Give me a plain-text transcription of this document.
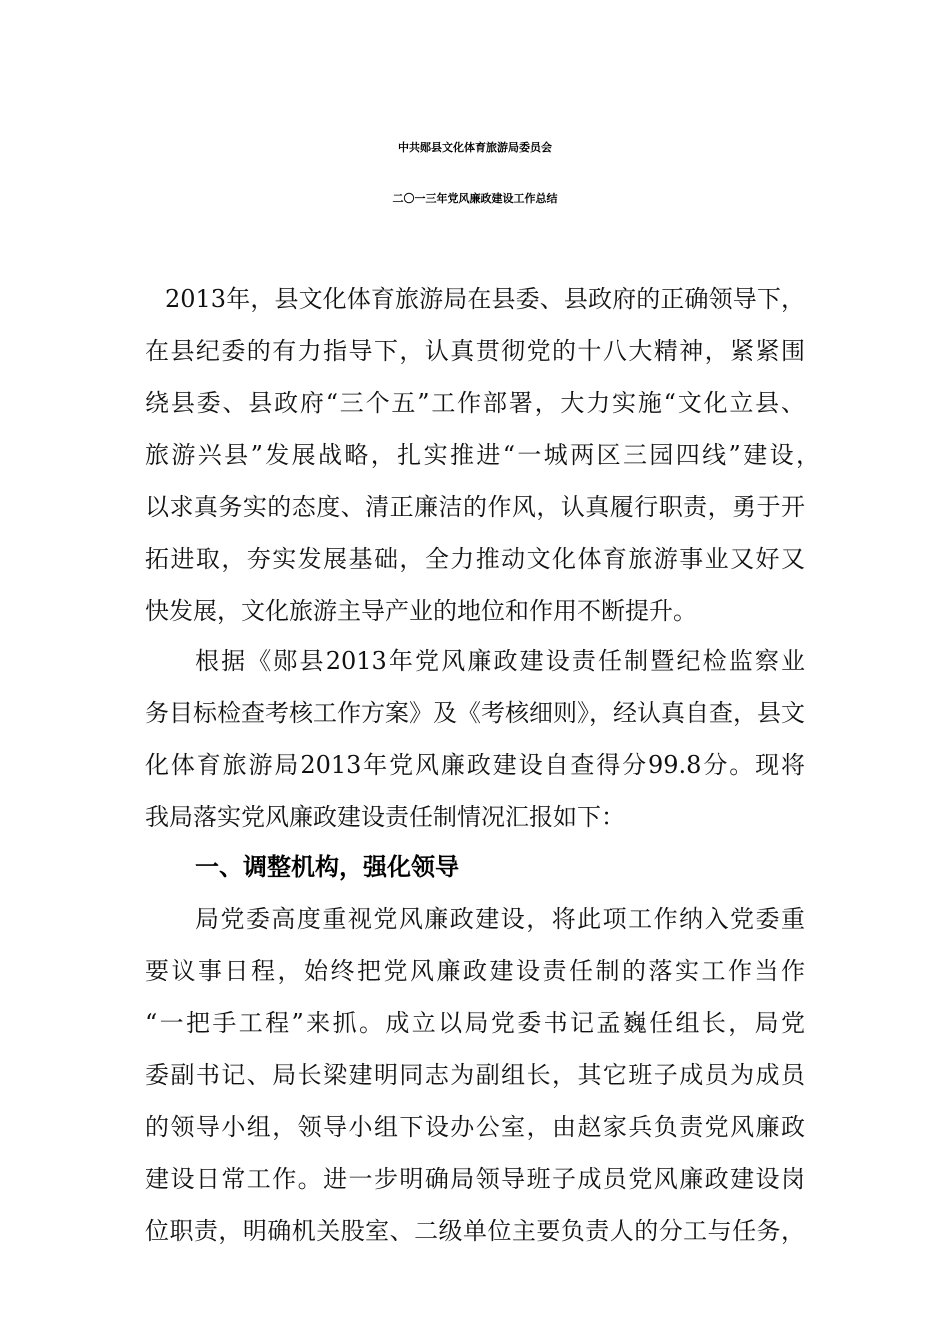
中共郧县文化体育旅游局委员会
二〇一三年党风廉政建设工作总结
2013年，县文化体育旅游局在县委、县政府的正确领导下，
在县纪委的有力指导下，认真贯彻党的十八大精神，紧紧围
绕县委、县政府“三个五”工作部署，大力实施“文化立县、
旅游兴县”发展战略，扎实推进“一城两区三园四线”建设，
以求真务实的态度、清正廉洁的作风，认真履行职责，勇于开
拓进取，夯实发展基础，全力推动文化体育旅游事业又好又
快发展，文化旅游主导产业的地位和作用不断提升。
根据《郧县2013年党风廉政建设责任制暨纪检监察业
务目标检查考核工作方案》及《考核细则》，经认真自查，县文
化体育旅游局2013年党风廉政建设自查得分99.8分。现将
我局落实党风廉政建设责任制情况汇报如下：
一、调整机构，强化领导
局党委高度重视党风廉政建设，将此项工作纳入党委重
要议事日程，始终把党风廉政建设责任制的落实工作当作
“一把手工程”来抓。成立以局党委书记孟巍任组长，局党
委副书记、局长梁建明同志为副组长，其它班子成员为成员
的领导小组，领导小组下设办公室，由赵家兵负责党风廉政
建设日常工作。进一步明确局领导班子成员党风廉政建设岗
位职责，明确机关股室、二级单位主要负责人的分工与任务，
